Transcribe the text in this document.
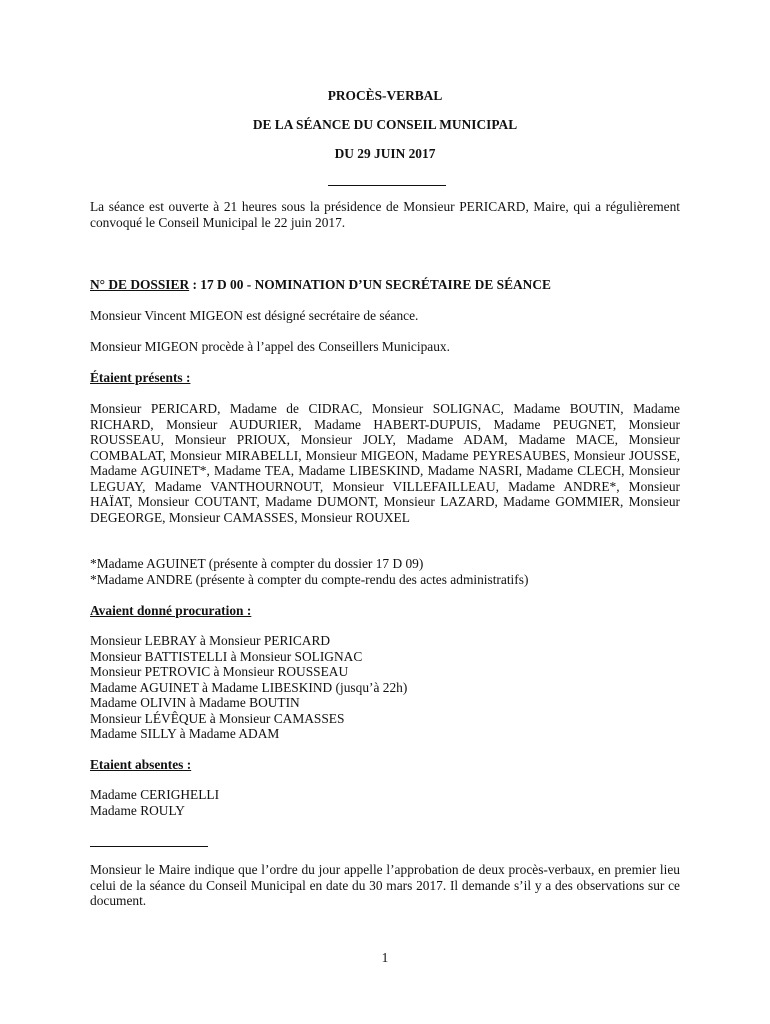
PROCÈS-VERBAL
DE LA SÉANCE DU CONSEIL MUNICIPAL
DU 29 JUIN 2017
La séance est ouverte à 21 heures sous la présidence de Monsieur PERICARD, Maire, qui a régulièrement convoqué le Conseil Municipal le 22 juin 2017.
N° DE DOSSIER : 17 D 00 - NOMINATION D’UN SECRÉTAIRE DE SÉANCE
Monsieur Vincent MIGEON est désigné secrétaire de séance.
Monsieur MIGEON procède à l’appel des Conseillers Municipaux.
Étaient présents :
Monsieur PERICARD, Madame de CIDRAC, Monsieur SOLIGNAC, Madame BOUTIN, Madame RICHARD, Monsieur AUDURIER, Madame HABERT-DUPUIS, Madame PEUGNET, Monsieur ROUSSEAU, Monsieur PRIOUX, Monsieur JOLY, Madame ADAM, Madame MACE, Monsieur COMBALAT, Monsieur MIRABELLI, Monsieur MIGEON, Madame PEYRESAUBES, Monsieur JOUSSE, Madame AGUINET*, Madame TEA, Madame LIBESKIND, Madame NASRI, Madame CLECH, Monsieur LEGUAY, Madame VANTHOURNOUT, Monsieur VILLEFAILLEAU, Madame ANDRE*, Monsieur HAÏAT, Monsieur COUTANT, Madame DUMONT, Monsieur LAZARD, Madame GOMMIER, Monsieur DEGEORGE, Monsieur CAMASSES, Monsieur ROUXEL
*Madame AGUINET (présente à compter du dossier 17 D 09)
*Madame ANDRE (présente à compter du compte-rendu des actes administratifs)
Avaient donné procuration :
Monsieur LEBRAY à Monsieur PERICARD
Monsieur BATTISTELLI à Monsieur SOLIGNAC
Monsieur PETROVIC à Monsieur ROUSSEAU
Madame AGUINET à Madame LIBESKIND (jusqu’à 22h)
Madame OLIVIN à Madame BOUTIN
Monsieur LÉVÊQUE à Monsieur CAMASSES
Madame SILLY à Madame ADAM
Etaient absentes :
Madame CERIGHELLI
Madame ROULY
Monsieur le Maire indique que l’ordre du jour appelle l’approbation de deux procès-verbaux, en premier lieu celui de la séance du Conseil Municipal en date du 30 mars 2017. Il demande s’il y a des observations sur ce document.
1
